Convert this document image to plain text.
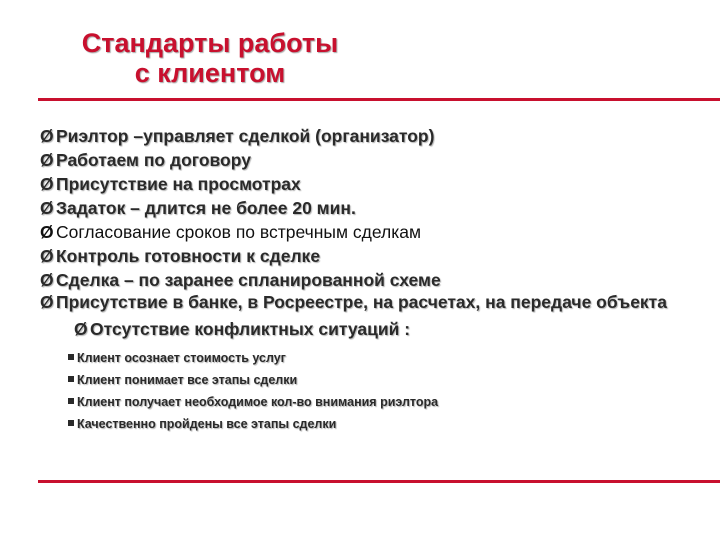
Стандарты работы
с клиентом
Ø Риэлтор –управляет сделкой (организатор)
Ø Работаем по договору
Ø Присутствие на просмотрах
Ø Задаток – длится не более 20 мин.
Ø Согласование сроков по встречным сделкам
Ø Контроль готовности к сделке
Ø Сделка – по заранее спланированной схеме
Ø Присутствие в банке, в Росреестре, на расчетах, на передаче объекта
Ø Отсутствие конфликтных ситуаций :
Клиент осознает стоимость услуг
Клиент понимает все этапы сделки
Клиент получает необходимое кол-во внимания риэлтора
Качественно пройдены все этапы сделки
